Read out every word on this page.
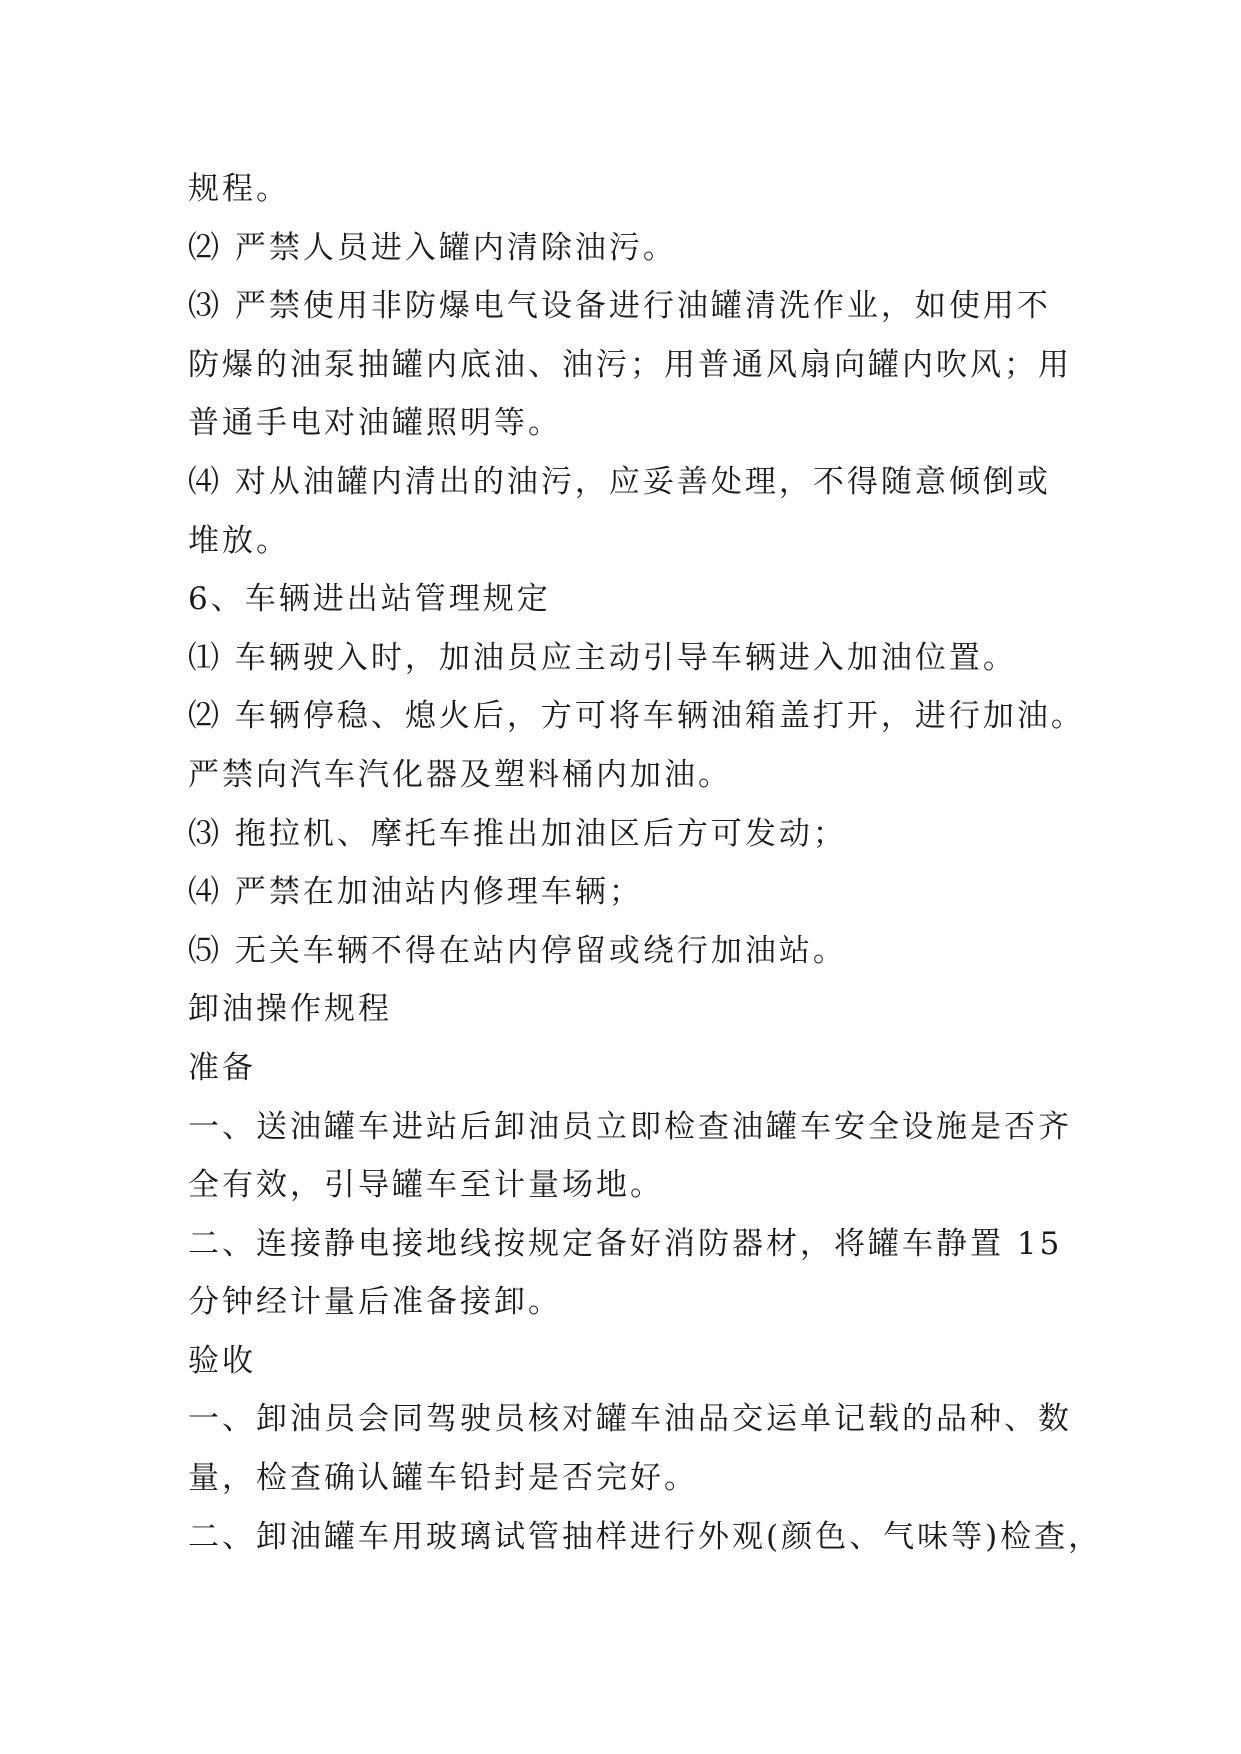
规程。
⑵ 严禁人员进入罐内清除油污。
⑶ 严禁使用非防爆电气设备进行油罐清洗作业，如使用不
防爆的油泵抽罐内底油、油污；用普通风扇向罐内吹风；用
普通手电对油罐照明等。
⑷ 对从油罐内清出的油污，应妥善处理，不得随意倾倒或
堆放。
6、车辆进出站管理规定
⑴ 车辆驶入时，加油员应主动引导车辆进入加油位置。
⑵ 车辆停稳、熄火后，方可将车辆油箱盖打开，进行加油。
严禁向汽车汽化器及塑料桶内加油。
⑶ 拖拉机、摩托车推出加油区后方可发动；
⑷ 严禁在加油站内修理车辆；
⑸ 无关车辆不得在站内停留或绕行加油站。
卸油操作规程
准备
一、送油罐车进站后卸油员立即检查油罐车安全设施是否齐
全有效，引导罐车至计量场地。
二、连接静电接地线按规定备好消防器材，将罐车静置 15
分钟经计量后准备接卸。
验收
一、卸油员会同驾驶员核对罐车油品交运单记载的品种、数
量，检查确认罐车铅封是否完好。
二、卸油罐车用玻璃试管抽样进行外观(颜色、气味等)检查，
